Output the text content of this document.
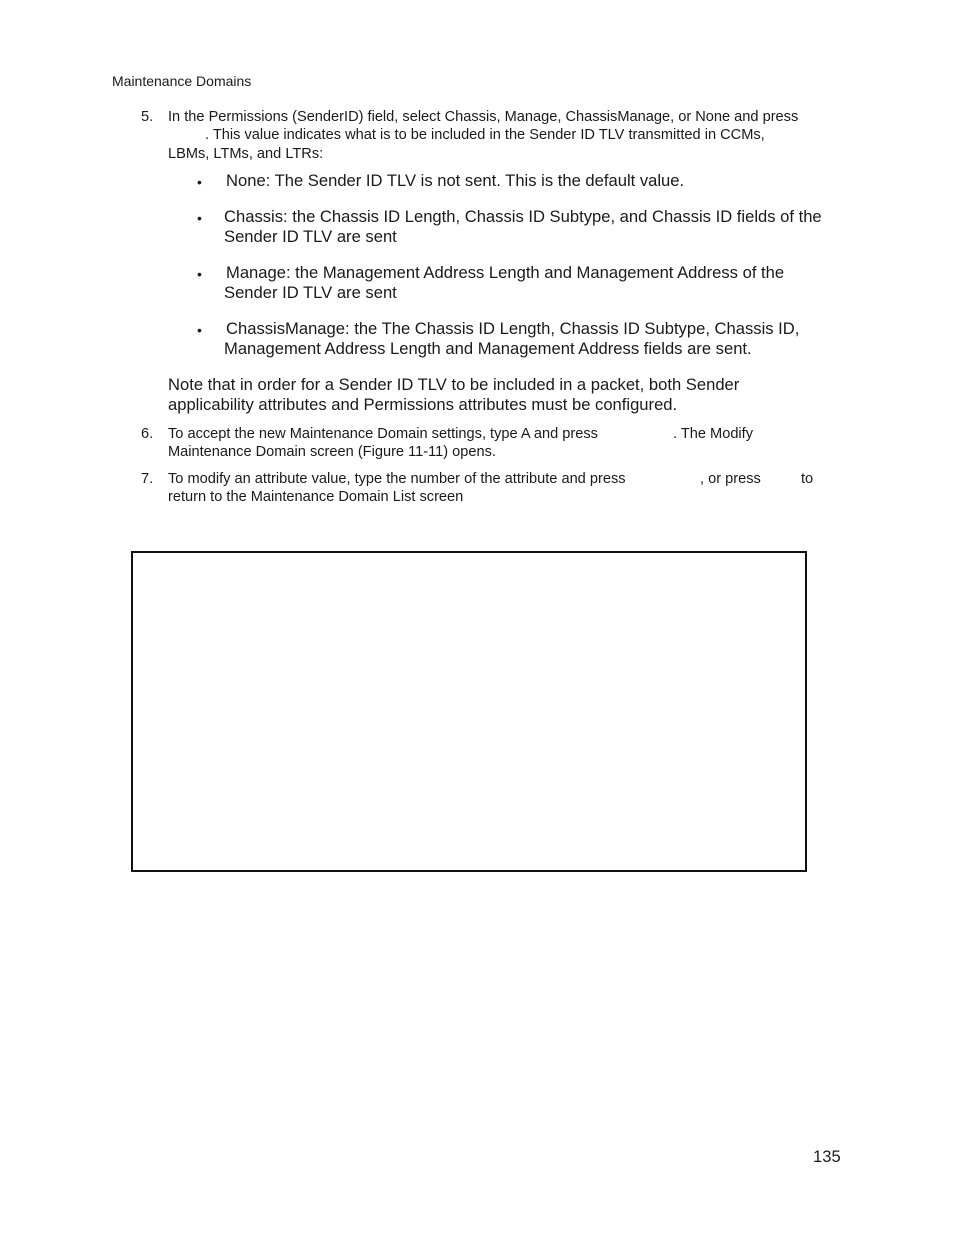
Maintenance Domains
5. In the Permissions (SenderID) field, select Chassis, Manage, ChassisManage, or None and press
. This value indicates what is to be included in the Sender ID TLV transmitted in CCMs,
LBMs, LTMs, and LTRs:
• None: The Sender ID TLV is not sent. This is the default value.
• Chassis: the Chassis ID Length, Chassis ID Subtype, and Chassis ID fields of the
Sender ID TLV are sent
• Manage: the Management Address Length and Management Address of the
Sender ID TLV are sent
• ChassisManage: the The Chassis ID Length, Chassis ID Subtype, Chassis ID,
Management Address Length and Management Address fields are sent.
Note that in order for a Sender ID TLV to be included in a packet, both Sender
applicability attributes and Permissions attributes must be configured.
6. To accept the new Maintenance Domain settings, type A and press	. The Modify
Maintenance Domain screen (Figure 11-11) opens.
7. To modify an attribute value, type the number of the attribute and press	, or press	to
return to the Maintenance Domain List screen
135
